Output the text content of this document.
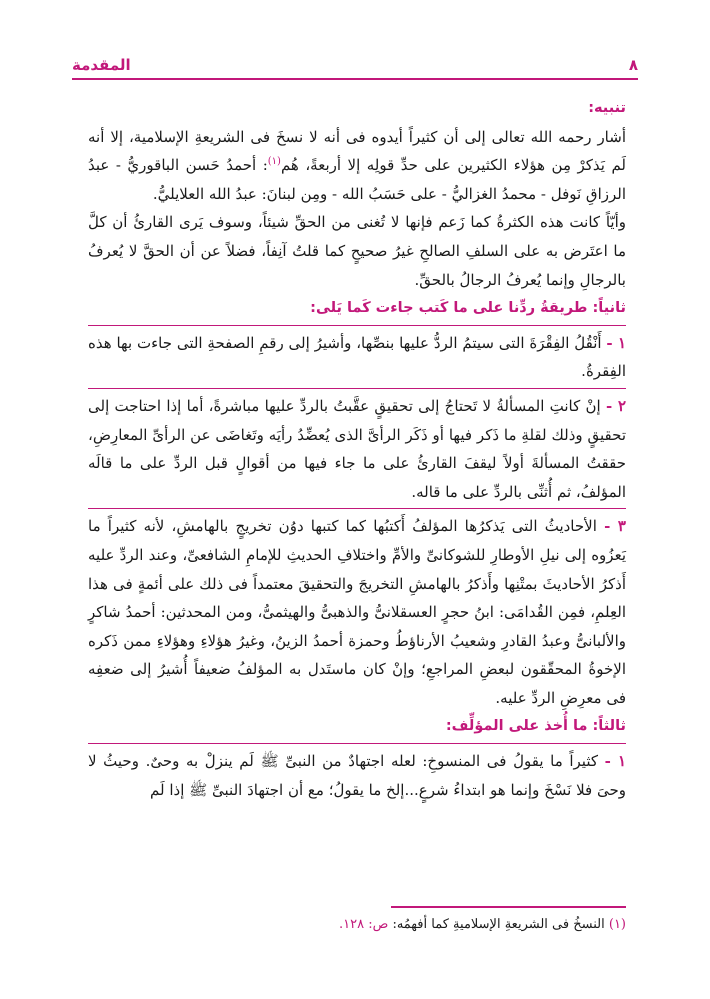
٨
المقدمة

تنبيه:

أشار رحمه الله تعالى إلى أن كثيراً أيدوه فى أنه لا نسخَ فى الشريعةِ الإسلامية، إلا أنه لَم يَذكرْ مِن هؤلاء الكثيرين على حدِّ قولِه إلا أربعةً، هُم$^{(١)}$: أحمدُ حَسن الباقوريُّ - عبدُ الرزاقِ نَوفل - محمدُ الغزاليُّ - على حَسَبُ الله - ومِن لبنانَ: عبدُ الله العلايليُّ.

وأيّاً كانت هذه الكثرةُ كما زَعم فإنها لا تُغنى من الحقِّ شيئاً، وسوف يَرى القارئُ أن كلَّ ما اعتَرض به على السلفِ الصالحِ غيرُ صحيحٍ كما قلتُ آنِفاً، فضلاً عن أن الحقَّ لا يُعرفُ بالرجالِ وإنما يُعرفُ الرجالُ بالحقِّ.

ثانياً: طريقةُ ردِّنا على ما كَتب جاءت كَما يَلى:

١ - أَنْقُلُ الفِقْرَةَ التى سيتمُ الردُّ عليها بنصِّها، وأشيرُ إلى رقمِ الصفحةِ التى جاءت بها هذه الفِقرةُ.

٢ - إنْ كانتِ المسألةُ لا تَحتاجُ إلى تحقيقٍ عقَّبتُ بالردِّ عليها مباشرةً، أما إذا احتاجت إلى تحقيقٍ وذلك لقلةِ ما ذَكر فيها أو ذَكَر الرأىَّ الذى يُعضِّدُ رأيَه وتَغاضَى عن الرأىِّ المعارِضِ، حققتُ المسألةَ أولاً ليقفَ القارئُ على ما جاء فيها من أقوالٍ قبل الردِّ على ما قالَه المؤلفُ، ثم أُثنِّى بالردِّ على ما قاله.

٣ - الأحاديثُ التى يَذكرُها المؤلفُ أَكتبُها كما كتبها دوُن تخريجٍ بالهامشِ، لأنه كثيراً ما يَعزُوه إلى نيلِ الأوطارِ للشوكانىِّ والأمِّ واختلافِ الحديثِ للإمامِ الشافعىِّ، وعند الردِّ عليه أَذكرُ الأحاديثَ بمتْنِها وأَذكرُ بالهامشِ التخريجَ والتحقيقَ معتمداً فى ذلك على أئمةٍ فى هذا العِلمِ، فمِن القُدامَى: ابنُ حجرٍ العسقلانىُّ والذهبىُّ والهيثمىُّ، ومن المحدثين: أحمدُ شاكرٍ والألبانىُّ وعبدُ القادرِ وشعيبُ الأرناؤطُ وحمزة أحمدُ الزينُ، وغيرُ هؤلاءِ وهؤلاءِ ممن ذَكره الإخوةُ المحقّقون لبعضِ المراجعِ؛ وإنْ كان ماستَدل به المؤلفُ ضعيفاً أُشيرُ إلى ضعفِه فى معرِضِ الردِّ عليه.

ثالثاً: ما أُخذ على المؤلِّف:

١ - كثيراً ما يقولُ فى المنسوخِ: لعله اجتهادٌ من النبىِّ ﷺ لَم ينزلْ به وحىٌ. وحيثُ لا وحىَ فلا نَسْخَ وإنما هو ابتداءُ شرعٍ...إلخ ما يقولُ؛ مع أن اجتهادَ النبىِّ ﷺ إذا لَم

(١) النسخُ فى الشريعةِ الإسلاميةِ كما أفهمُه: ص: ١٢٨.
